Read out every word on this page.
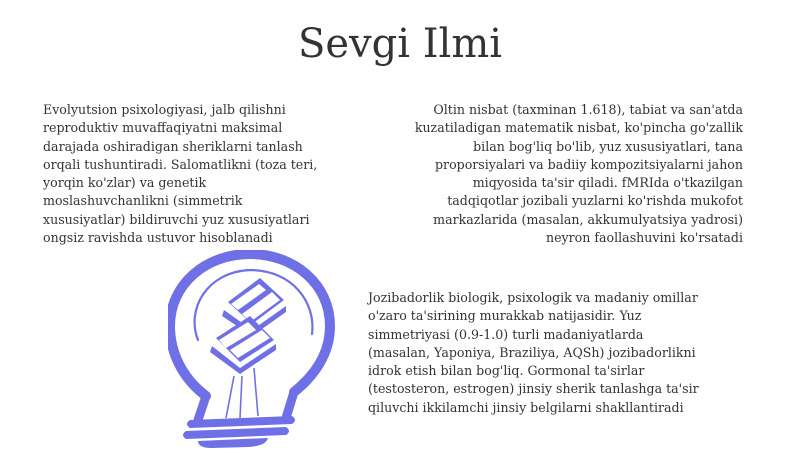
Sevgi Ilmi

Evolyutsion psixologiyasi, jalb qilishni
reproduktiv muvaffaqiyatni maksimal
darajada oshiradigan sheriklarni tanlash
orqali tushuntiradi. Salomatlikni (toza teri,
yorqin ko'zlar) va genetik
moslashuvchanlikni (simmetrik
xususiyatlar) bildiruvchi yuz xususiyatlari
ongsiz ravishda ustuvor hisoblanadi

Oltin nisbat (taxminan 1.618), tabiat va san'atda
kuzatiladigan matematik nisbat, ko'pincha go'zallik
bilan bog'liq bo'lib, yuz xususiyatlari, tana
proporsiyalari va badiiy kompozitsiyalarni jahon
miqyosida ta'sir qiladi. fMRIda o'tkazilgan
tadqiqotlar jozibali yuzlarni ko'rishda mukofot
markazlarida (masalan, akkumulyatsiya yadrosi)
neyron faollashuvini ko'rsatadi

Jozibadorlik biologik, psixologik va madaniy omillar
o'zaro ta'sirining murakkab natijasidir. Yuz
simmetriyasi (0.9-1.0) turli madaniyatlarda
(masalan, Yaponiya, Braziliya, AQSh) jozibadorlikni
idrok etish bilan bog'liq. Gormonal ta'sirlar
(testosteron, estrogen) jinsiy sherik tanlashga ta'sir
qiluvchi ikkilamchi jinsiy belgilarni shakllantiradi
